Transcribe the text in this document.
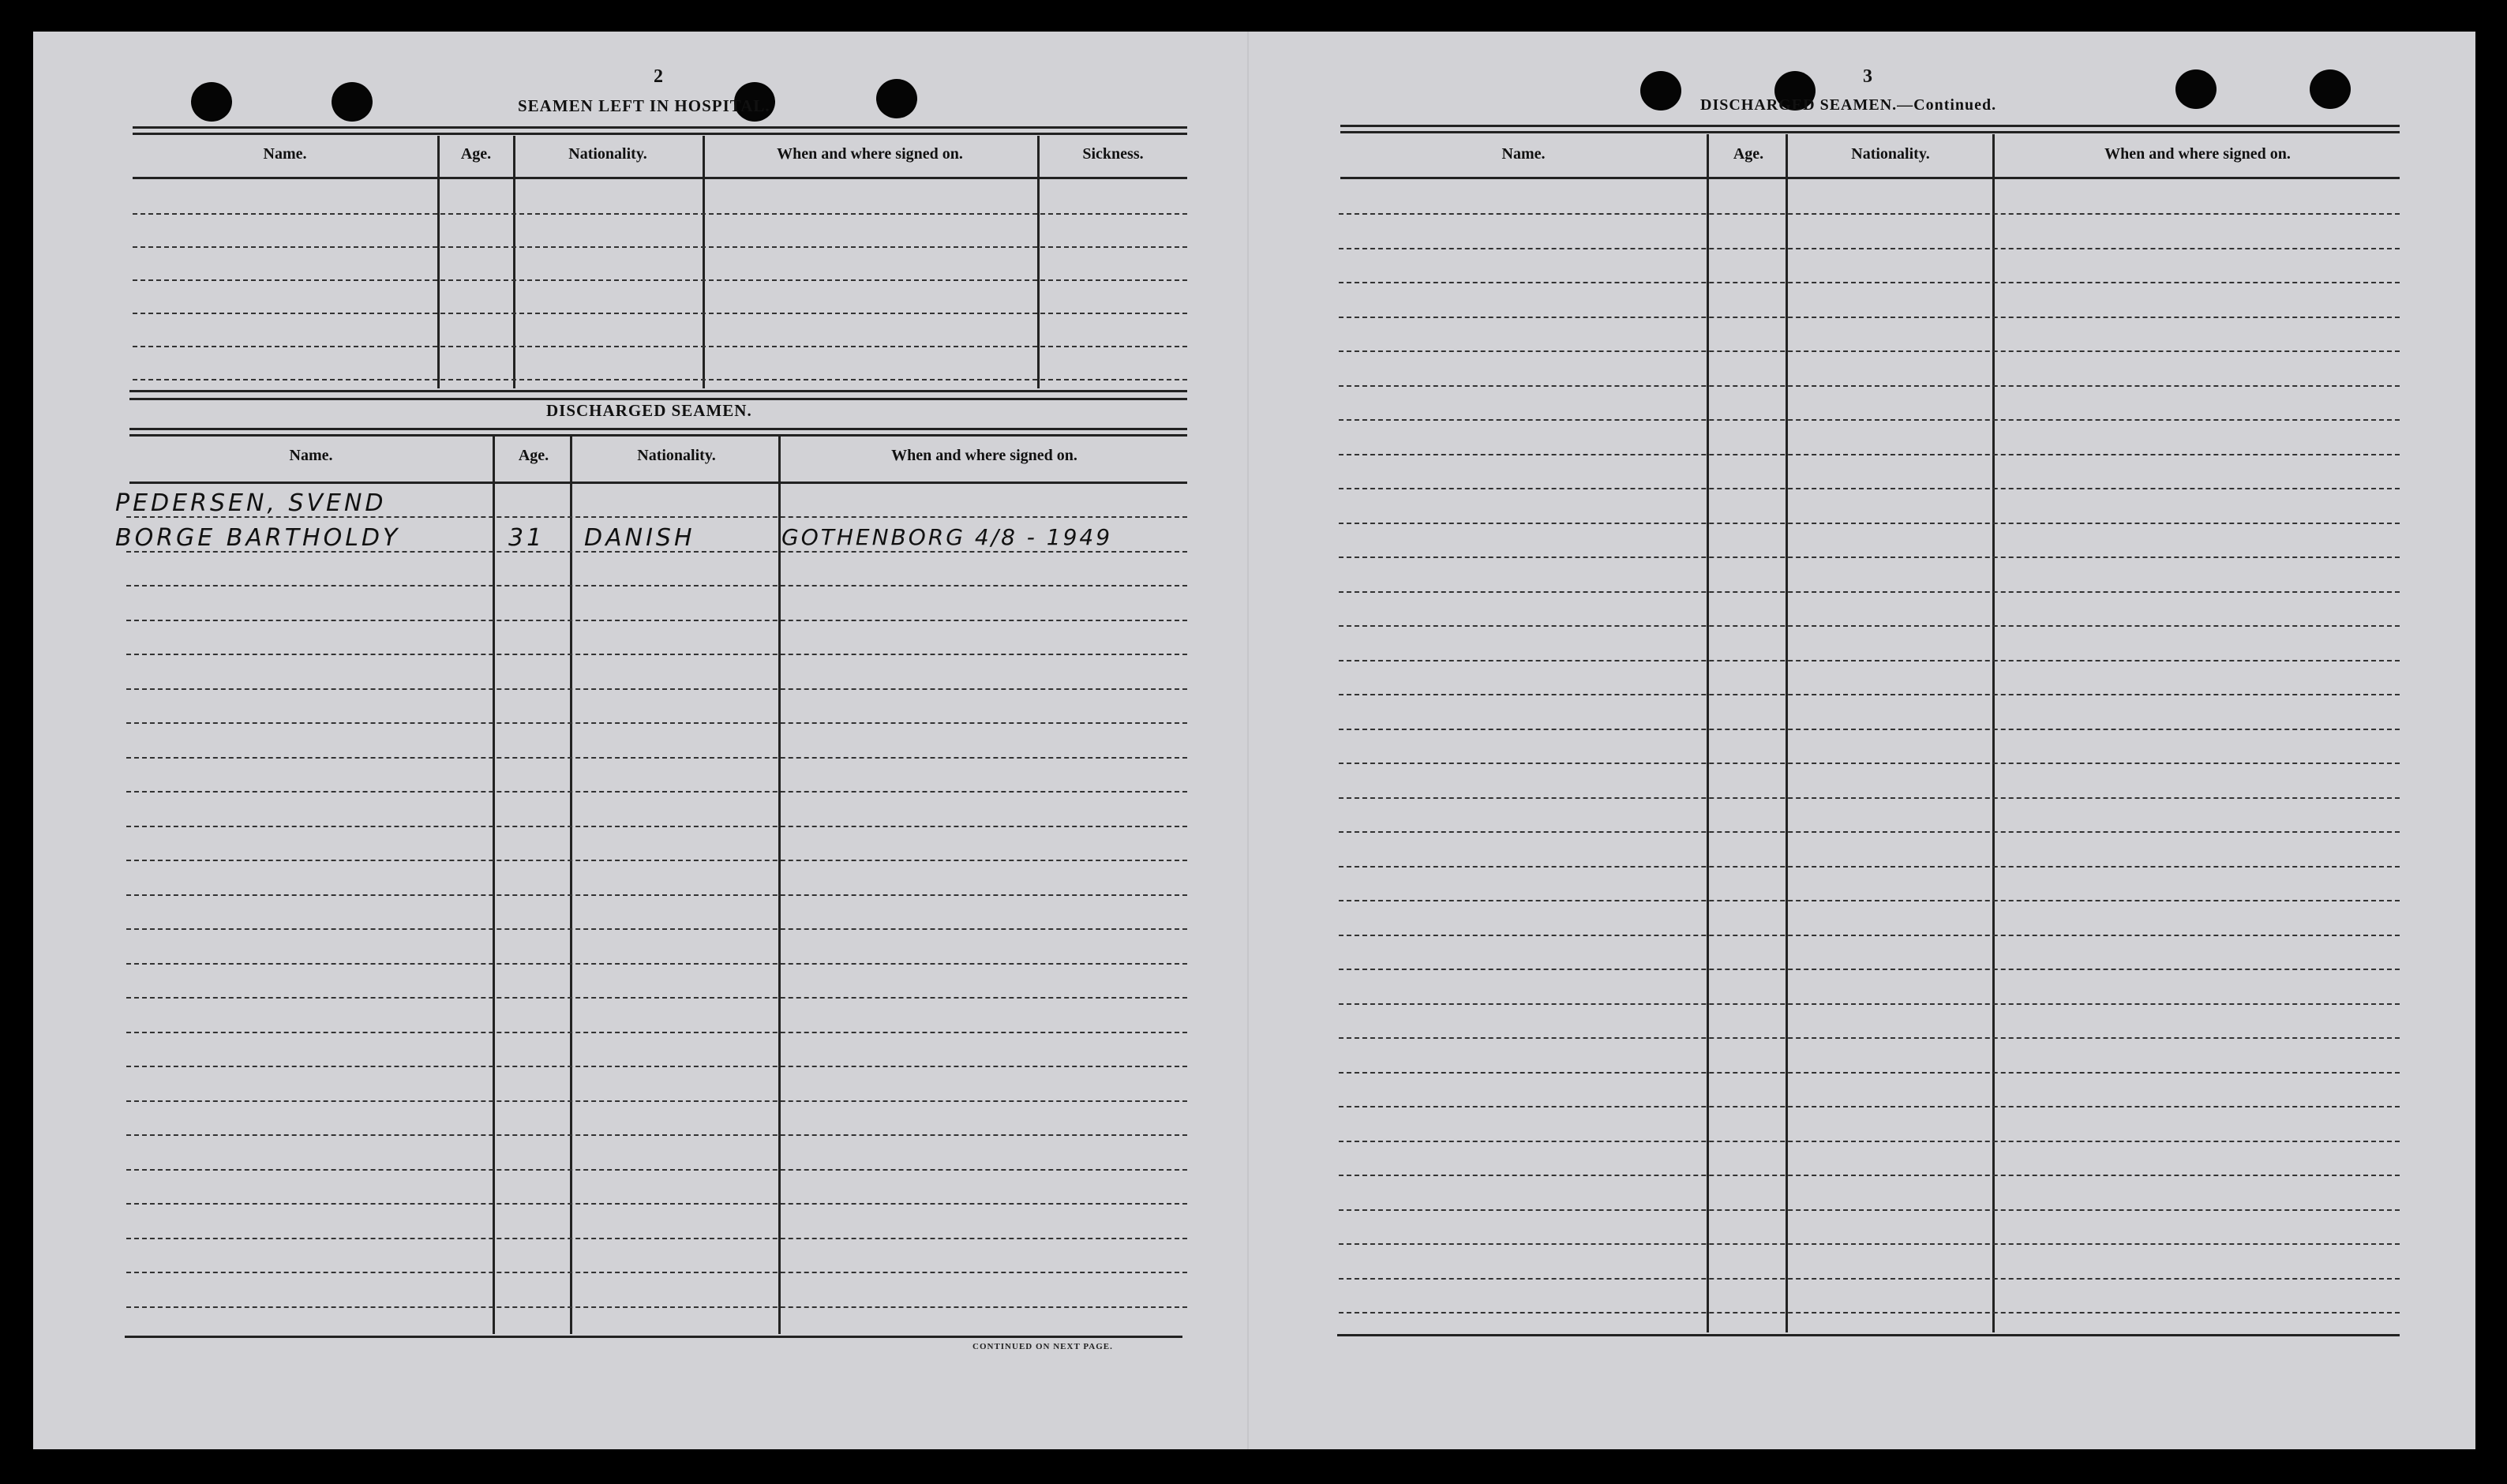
2
SEAMEN LEFT IN HOSPITAL.
Name.	Age.	Nationality.	When and where signed on.	Sickness.
DISCHARGED SEAMEN.
Name.	Age.	Nationality.	When and where signed on.
PEDERSEN, SVEND
BORGE BARTHOLDY	31 DANISH	GOTHENBORG 4/8 - 1949
CONTINUED ON NEXT PAGE.
3
DISCHARGED SEAMEN.—Continued.
Name.	Age.	Nationality.	When and where signed on.
